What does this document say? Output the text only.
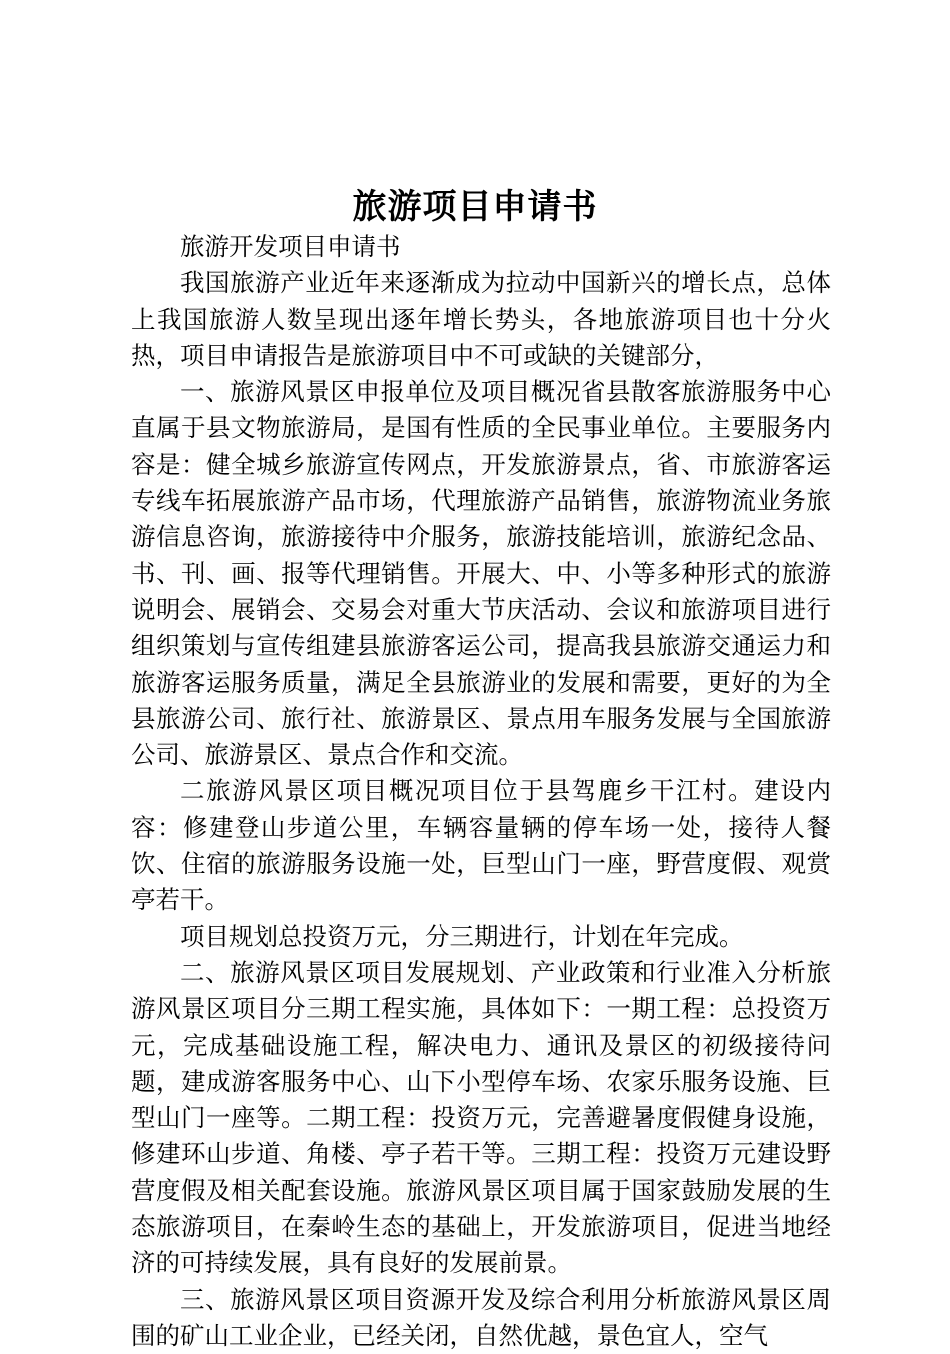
旅游项目申请书

旅游开发项目申请书

我国旅游产业近年来逐渐成为拉动中国新兴的增长点，总体上我国旅游人数呈现出逐年增长势头，各地旅游项目也十分火热，项目申请报告是旅游项目中不可或缺的关键部分，

一、旅游风景区申报单位及项目概况省县散客旅游服务中心直属于县文物旅游局，是国有性质的全民事业单位。主要服务内容是：健全城乡旅游宣传网点，开发旅游景点，省、市旅游客运专线车拓展旅游产品市场，代理旅游产品销售，旅游物流业务旅游信息咨询，旅游接待中介服务，旅游技能培训，旅游纪念品、书、刊、画、报等代理销售。开展大、中、小等多种形式的旅游说明会、展销会、交易会对重大节庆活动、会议和旅游项目进行组织策划与宣传组建县旅游客运公司，提高我县旅游交通运力和旅游客运服务质量，满足全县旅游业的发展和需要，更好的为全县旅游公司、旅行社、旅游景区、景点用车服务发展与全国旅游公司、旅游景区、景点合作和交流。

二旅游风景区项目概况项目位于县驾鹿乡干江村。建设内容：修建登山步道公里，车辆容量辆的停车场一处，接待人餐饮、住宿的旅游服务设施一处，巨型山门一座，野营度假、观赏亭若干。

项目规划总投资万元，分三期进行，计划在年完成。

二、旅游风景区项目发展规划、产业政策和行业准入分析旅游风景区项目分三期工程实施，具体如下：一期工程：总投资万元，完成基础设施工程，解决电力、通讯及景区的初级接待问题，建成游客服务中心、山下小型停车场、农家乐服务设施、巨型山门一座等。二期工程：投资万元，完善避暑度假健身设施，修建环山步道、角楼、亭子若干等。三期工程：投资万元建设野营度假及相关配套设施。旅游风景区项目属于国家鼓励发展的生态旅游项目，在秦岭生态的基础上，开发旅游项目，促进当地经济的可持续发展，具有良好的发展前景。

三、旅游风景区项目资源开发及综合利用分析旅游风景区周围的矿山工业企业，已经关闭，自然优越，景色宜人，空气
